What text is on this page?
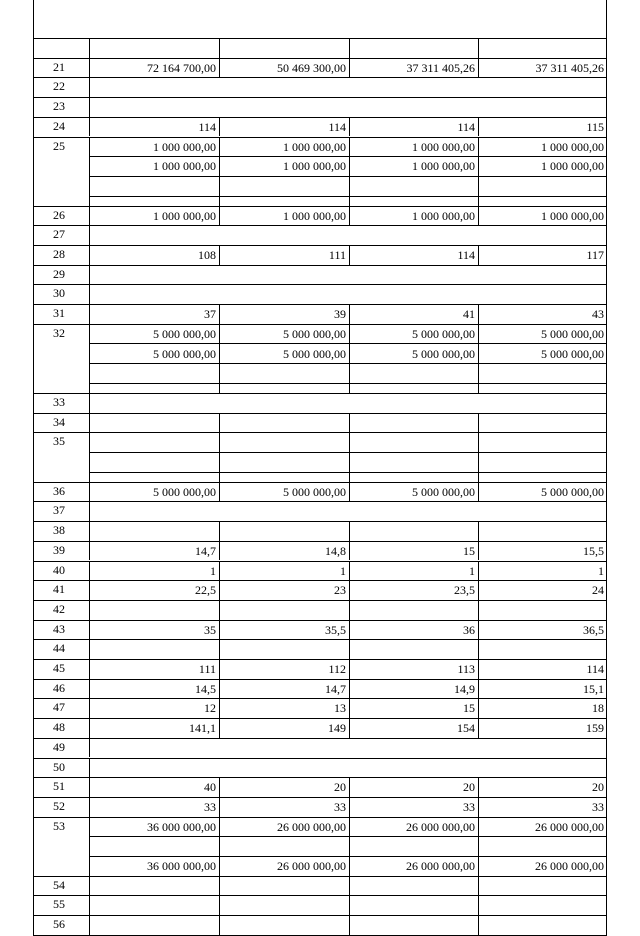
21	72 164 700,00	50 469 300,00	37 311 405,26	37 311 405,26
22
23
24	114	114	114	115
25	1 000 000,00	1 000 000,00	1 000 000,00	1 000 000,00
1 000 000,00	1 000 000,00	1 000 000,00	1 000 000,00
26	1 000 000,00	1 000 000,00	1 000 000,00	1 000 000,00
27
28	108	111	114	117
29
30
31	37	39	41	43
32	5 000 000,00	5 000 000,00	5 000 000,00	5 000 000,00
5 000 000,00	5 000 000,00	5 000 000,00	5 000 000,00
33
34
35
36	5 000 000,00	5 000 000,00	5 000 000,00	5 000 000,00
37
38
39	14,7	14,8	15	15,5
40	1	1	1	1
41	22,5	23	23,5	24
42
43	35	35,5	36	36,5
44
45	111	112	113	114
46	14,5	14,7	14,9	15,1
47	12	13	15	18
48	141,1	149	154	159
49
50
51	40	20	20	20
52	33	33	33	33
53	36 000 000,00	26 000 000,00	26 000 000,00	26 000 000,00
36 000 000,00	26 000 000,00	26 000 000,00	26 000 000,00
54
55
56
